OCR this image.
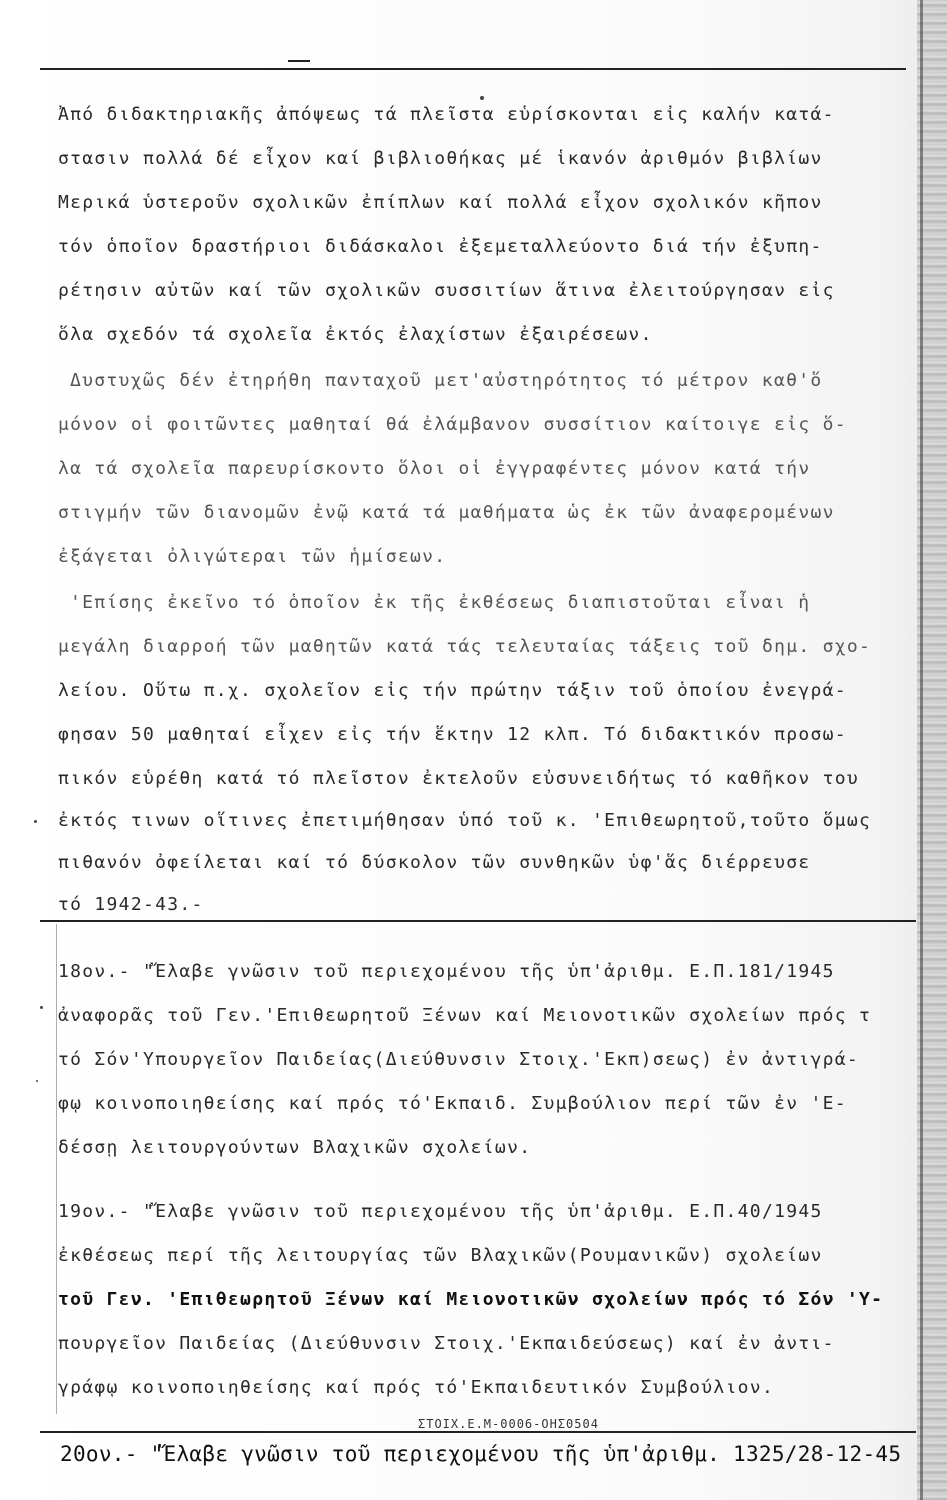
Ἀπό διδακτηριακῆς ἀπόψεως τά πλεῖστα εὑρίσκονται εἰς καλήν κατά-
στασιν πολλά δέ εἶχον καί βιβλιοθήκας μέ ἱκανόν ἀριθμόν βιβλίων
Μερικά ὑστεροῦν σχολικῶν ἐπίπλων καί πολλά εἶχον σχολικόν κῆπον
τόν ὁποῖον δραστήριοι διδάσκαλοι ἐξεμεταλλεύοντο διά τήν ἐξυπη-
ρέτησιν αὐτῶν καί τῶν σχολικῶν συσσιτίων ἅτινα ἐλειτούργησαν εἰς
ὅλα σχεδόν τά σχολεῖα ἐκτός ἐλαχίστων ἐξαιρέσεων.
Δυστυχῶς δέν ἐτηρήθη πανταχοῦ μετ'αὐστηρότητος τό μέτρον καθ'ὅ
μόνον οἱ φοιτῶντες μαθηταί θά ἐλάμβανον συσσίτιον καίτοιγε εἰς ὅ-
λα τά σχολεῖα παρευρίσκοντο ὅλοι οἱ ἐγγραφέντες μόνον κατά τήν
στιγμήν τῶν διανομῶν ἐνῷ κατά τά μαθήματα ὡς ἐκ τῶν ἀναφερομένων
ἐξάγεται ὀλιγώτεραι τῶν ἡμίσεων.
'Επίσης ἐκεῖνο τό ὁποῖον ἐκ τῆς ἐκθέσεως διαπιστοῦται εἶναι ἡ
μεγάλη διαρροή τῶν μαθητῶν κατά τάς τελευταίας τάξεις τοῦ δημ. σχο-
λείου. Οὕτω π.χ. σχολεῖον εἰς τήν πρώτην τάξιν τοῦ ὁποίου ἐνεγρά-
φησαν 50 μαθηταί εἶχεν εἰς τήν ἕκτην 12 κλπ. Τό διδακτικόν προσω-
πικόν εὑρέθη κατά τό πλεῖστον ἐκτελοῦν εὐσυνειδήτως τό καθῆκον του
ἐκτός τινων οἵτινες ἐπετιμήθησαν ὑπό τοῦ κ. 'Επιθεωρητοῦ,τοῦτο ὅμως
πιθανόν ὀφείλεται καί τό δύσκολον τῶν συνθηκῶν ὑφ'ἅς διέρρευσε
τό 1942-43.-
18ον.- "Ἔλαβε γνῶσιν τοῦ περιεχομένου τῆς ὑπ'ἀριθμ. Ε.Π.181/1945
ἀναφορᾶς τοῦ Γεν.'Επιθεωρητοῦ Ξένων καί Μειονοτικῶν σχολείων πρός τ
τό Σόν'Υπουργεῖον Παιδείας(Διεύθυνσιν Στοιχ.'Εκπ)σεως) ἐν ἀντιγρά-
φῳ κοινοποιηθείσης καί πρός τό'Εκπαιδ. Συμβούλιον περί τῶν ἐν 'Ε-
δέσσῃ λειτουργούντων Βλαχικῶν σχολείων.
19ον.- "Ἔλαβε γνῶσιν τοῦ περιεχομένου τῆς ὑπ'ἀριθμ. Ε.Π.40/1945
ἐκθέσεως περί τῆς λειτουργίας τῶν Βλαχικῶν(Ρουμανικῶν) σχολείων
τοῦ Γεν. 'Επιθεωρητοῦ Ξένων καί Μειονοτικῶν σχολείων πρός τό Σόν 'Υ-
πουργεῖον Παιδείας (Διεύθυνσιν Στοιχ.'Εκπαιδεύσεως) καί ἐν ἀντι-
γράφῳ κοινοποιηθείσης καί πρός τό'Εκπαιδευτικόν Συμβούλιον.
ΣΤΟΙΧ.Ε.Μ-0006-ΟΗΣ0504
20ον.- "Ἔλαβε γνῶσιν τοῦ περιεχομένου τῆς ὑπ'ἀριθμ. 1325/28-12-45
